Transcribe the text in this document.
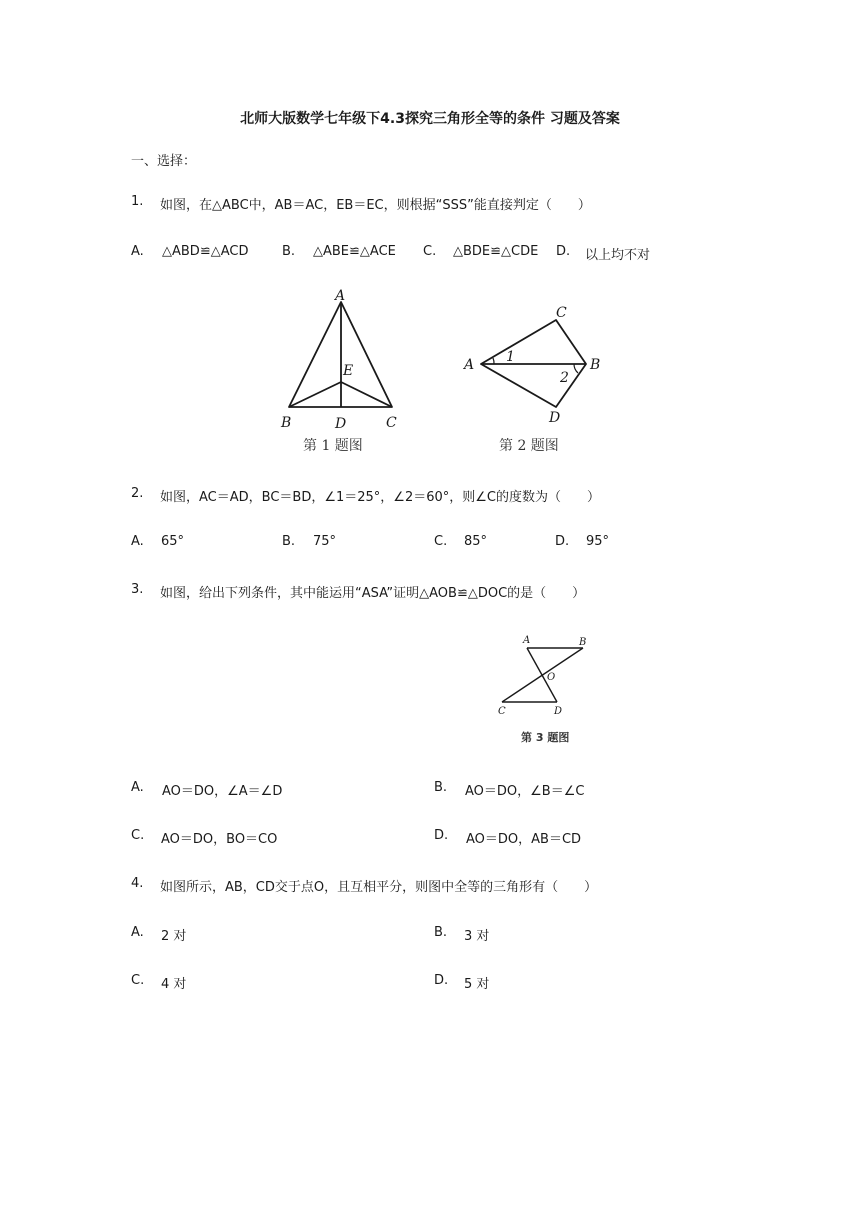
北师大版数学七年级下4.3探究三角形全等的条件 习题及答案
一、选择：
1. 如图，在△ABC中，AB＝AC，EB＝EC，则根据“SSS”能直接判定（　　）
A. △ABD≌△ACD	B. △ABE≌△ACE C. △BDE≌△CDE D. 以上均不对
A
B	C
D
E
第 1 题图
A	B
C
D
1
2
第 2 题图
2. 如图，AC＝AD，BC＝BD，∠1＝25°，∠2＝60°，则∠C的度数为（　　）
A. 65°	B. 75°	C. 85°	D. 95°
3. 如图，给出下列条件，其中能运用“ASA”证明△AOB≌△DOC的是（　　）
A	B
C	D
O
第 3 题图
A. AO＝DO，∠A＝∠D	B. AO＝DO，∠B＝∠C
C. AO＝DO，BO＝CO	D. AO＝DO，AB＝CD
4. 如图所示，AB，CD交于点O，且互相平分，则图中全等的三角形有（　　）
A. 2 对	B. 3 对
C. 4 对	D. 5 对
